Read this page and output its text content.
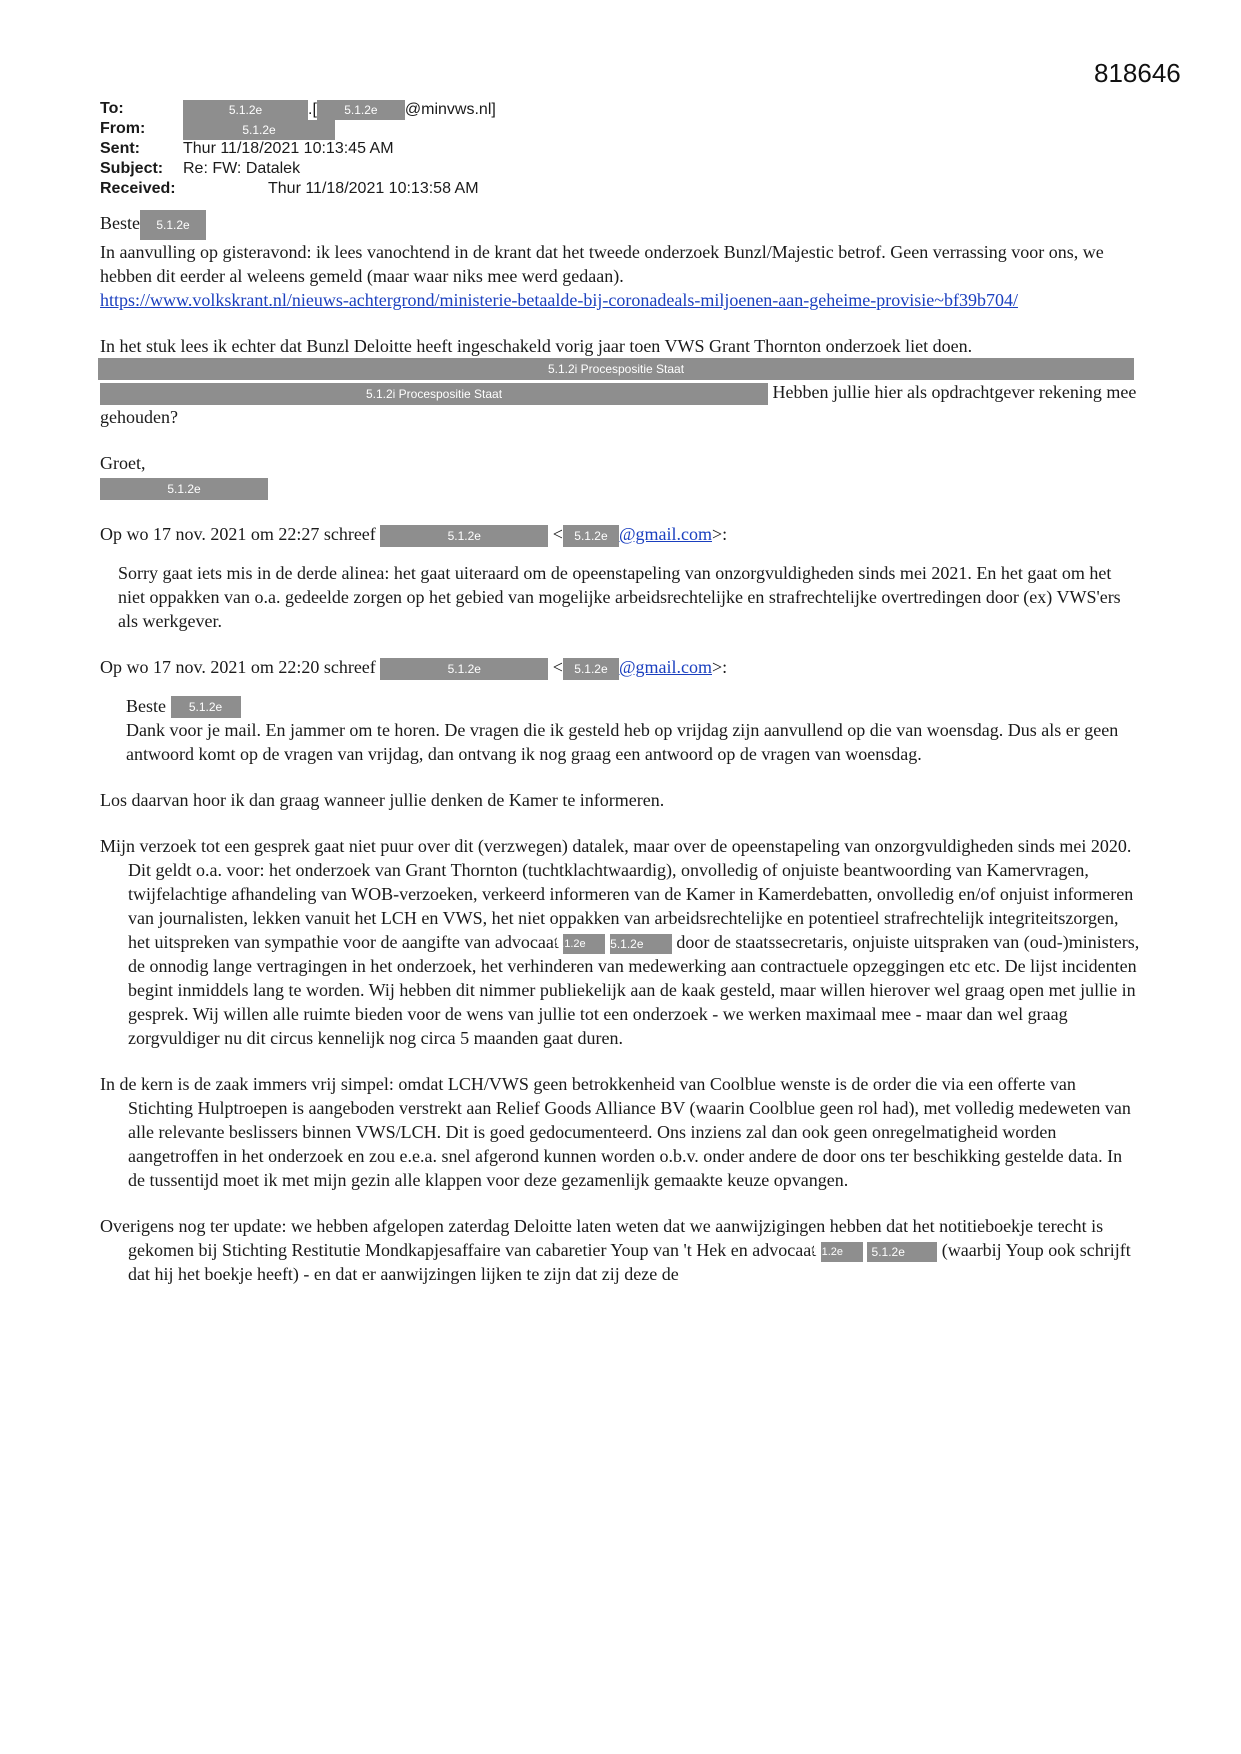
818646
To:	5.1.2e	.[ 5.1.2e @minvws.nl]
From:	5.1.2e
Sent:	Thur 11/18/2021 10:13:45 AM
Subject: Re: FW: Datalek
Received:	Thur 11/18/2021 10:13:58 AM

Beste 5.1.2e

In aanvulling op gisteravond: ik lees vanochtend in de krant dat het tweede onderzoek Bunzl/Majestic betrof. Geen verrassing voor ons, we hebben dit eerder al weleens gemeld (maar waar niks mee werd gedaan).

https://www.volkskrant.nl/nieuws-achtergrond/ministerie-betaalde-bij-coronadeals-miljoenen-aan-geheime-provisie~bf39b704/

In het stuk lees ik echter dat Bunzl Deloitte heeft ingeschakeld vorig jaar toen VWS Grant Thornton onderzoek liet doen.

5.1.2i Procespositie Staat

5.1.2i Procespositie Staat	Hebben jullie hier als opdrachtgever rekening mee gehouden?

Groet,

5.1.2e

Op wo 17 nov. 2021 om 22:27 schreef	5.1.2e	< 5.1.2e @gmail.com>:

Sorry gaat iets mis in de derde alinea: het gaat uiteraard om de opeenstapeling van onzorgvuldigheden sinds mei 2021. En het gaat om het niet oppakken van o.a. gedeelde zorgen op het gebied van mogelijke arbeidsrechtelijke en strafrechtelijke overtredingen door (ex) VWS'ers als werkgever.

Op wo 17 nov. 2021 om 22:20 schreef	5.1.2e	< 5.1.2e @gmail.com>:

Beste 5.1.2e

Dank voor je mail. En jammer om te horen. De vragen die ik gesteld heb op vrijdag zijn aanvullend op die van woensdag. Dus als er geen antwoord komt op de vragen van vrijdag, dan ontvang ik nog graag een antwoord op de vragen van woensdag.

Los daarvan hoor ik dan graag wanneer jullie denken de Kamer te informeren.

Mijn verzoek tot een gesprek gaat niet puur over dit (verzwegen) datalek, maar over de opeenstapeling van onzorgvuldigheden sinds mei 2020. Dit geldt o.a. voor: het onderzoek van Grant Thornton (tuchtklachtwaardig), onvolledig of onjuiste beantwoording van Kamervragen, twijfelachtige afhandeling van WOB-verzoeken, verkeerd informeren van de Kamer in Kamerdebatten, onvolledig en/of onjuist informeren van journalisten, lekken vanuit het LCH en VWS, het niet oppakken van arbeidsrechtelijke en potentieel strafrechtelijk integriteitszorgen, het uitspreken van sympathie voor de aangifte van advocaat 5.1.2e 5.1.2e door de staatssecretaris, onjuiste uitspraken van (oud-)ministers, de onnodig lange vertragingen in het onderzoek, het verhinderen van medewerking aan contractuele opzeggingen etc etc. De lijst incidenten begint inmiddels lang te worden. Wij hebben dit nimmer publiekelijk aan de kaak gesteld, maar willen hierover wel graag open met jullie in gesprek. Wij willen alle ruimte bieden voor de wens van jullie tot een onderzoek - we werken maximaal mee - maar dan wel graag zorgvuldiger nu dit circus kennelijk nog circa 5 maanden gaat duren.

In de kern is de zaak immers vrij simpel: omdat LCH/VWS geen betrokkenheid van Coolblue wenste is de order die via een offerte van Stichting Hulptroepen is aangeboden verstrekt aan Relief Goods Alliance BV (waarin Coolblue geen rol had), met volledig medeweten van alle relevante beslissers binnen VWS/LCH. Dit is goed gedocumenteerd. Ons inziens zal dan ook geen onregelmatigheid worden aangetroffen in het onderzoek en zou e.e.a. snel afgerond kunnen worden o.b.v. onder andere de door ons ter beschikking gestelde data. In de tussentijd moet ik met mijn gezin alle klappen voor deze gezamenlijk gemaakte keuze opvangen.

Overigens nog ter update: we hebben afgelopen zaterdag Deloitte laten weten dat we aanwijzigingen hebben dat het notitieboekje terecht is gekomen bij Stichting Restitutie Mondkapjesaffaire van cabaretier Youp van 't Hek en advocaat 5.1.2e 5.1.2e (waarbij Youp ook schrijft dat hij het boekje heeft) - en dat er aanwijzingen lijken te zijn dat zij deze de
